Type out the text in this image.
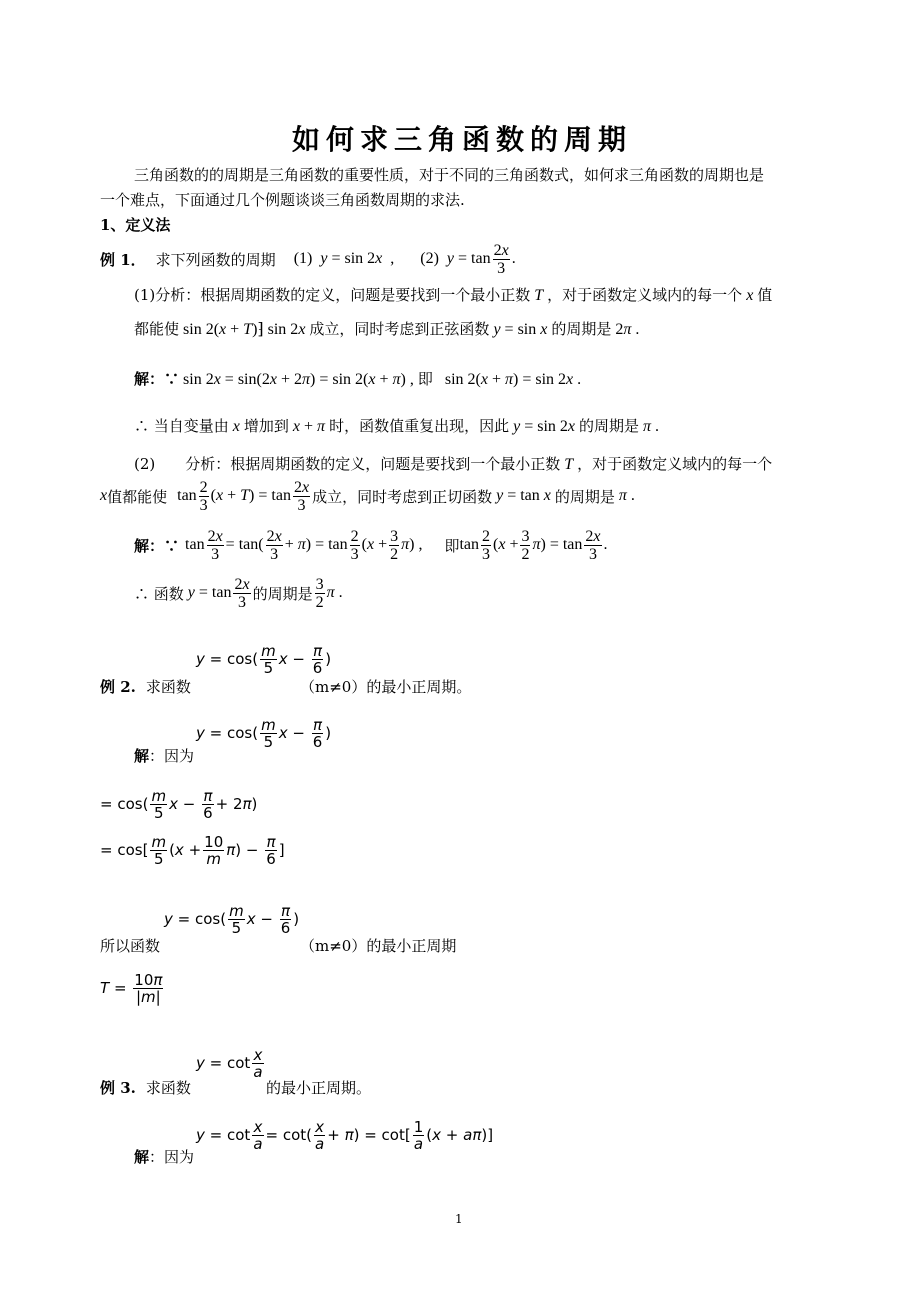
如何求三角函数的周期
三角函数的的周期是三角函数的重要性质，对于不同的三角函数式，如何求三角函数的周期也是
一个难点，下面通过几个例题谈谈三角函数周期的求法.
1、定义法
例 1． 求下列函数的周期 (1) y = sin 2x , (2) $y = \tan \frac{2x}{3}$ .
(1)分析：根据周期函数的定义，问题是要找到一个最小正数 T ，对于函数定义域内的每一个 x 值
都能使 sin 2(x + T)⁆ sin 2x 成立，同时考虑到正弦函数 y = sin x 的周期是 2π .
解：∵ sin 2x = sin(2x + 2π) = sin 2(x + π) , 即   sin 2(x + π) = sin 2x .
∴ 当自变量由 x 增加到 x + π 时，函数值重复出现，因此 y = sin 2x 的周期是 π .
(2) 分析：根据周期函数的定义，问题是要找到一个最小正数 T ，对于函数定义域内的每一个
x 值都能使 $\tan \frac{2}{3} (x + T) = \tan \frac{2x}{3}$ 成立，同时考虑到正切函数 y = tan x 的周期是 π .
解：∵ $\tan \frac{2x}{3} = \tan( \frac{2x}{3} + \pi) = \tan \frac{2}{3} (x + \frac{3}{2} \pi)$ , 即 $\tan \frac{2}{3} (x + \frac{3}{2} \pi) = \tan \frac{2x}{3}$ .
∴ 函数 $y = \tan \frac{2x}{3}$ 的周期是 $\frac{3}{2}$ π .
$y = \cos( \frac{m}{5}$ $x - \frac{\pi}{6}$ )
例 2. 求函数	（m≠0）的最小正周期。
$y = \cos( \frac{m}{5}$ $x - \frac{\pi}{6}$ )
解：因为
= $\cos( \frac{m}{5}$ $x - \frac{\pi}{6} + 2\pi$)
= $\cos[ \frac{m}{5} (x + \frac{10}{m} \pi) - \frac{\pi}{6}$ ]
$y = \cos( \frac{m}{5}$ $x - \frac{\pi}{6}$ )
所以函数	（m≠0）的最小正周期
$T = \frac{10\pi}{|m|}$
$y = \cot \frac{x}{a}$
例 3. 求函数	的最小正周期。
$y = \cot \frac{x}{a} = \cot( \frac{x}{a} + \pi) = \cot[ \frac{1}{a} (x + a\pi)]$
解：因为
1
